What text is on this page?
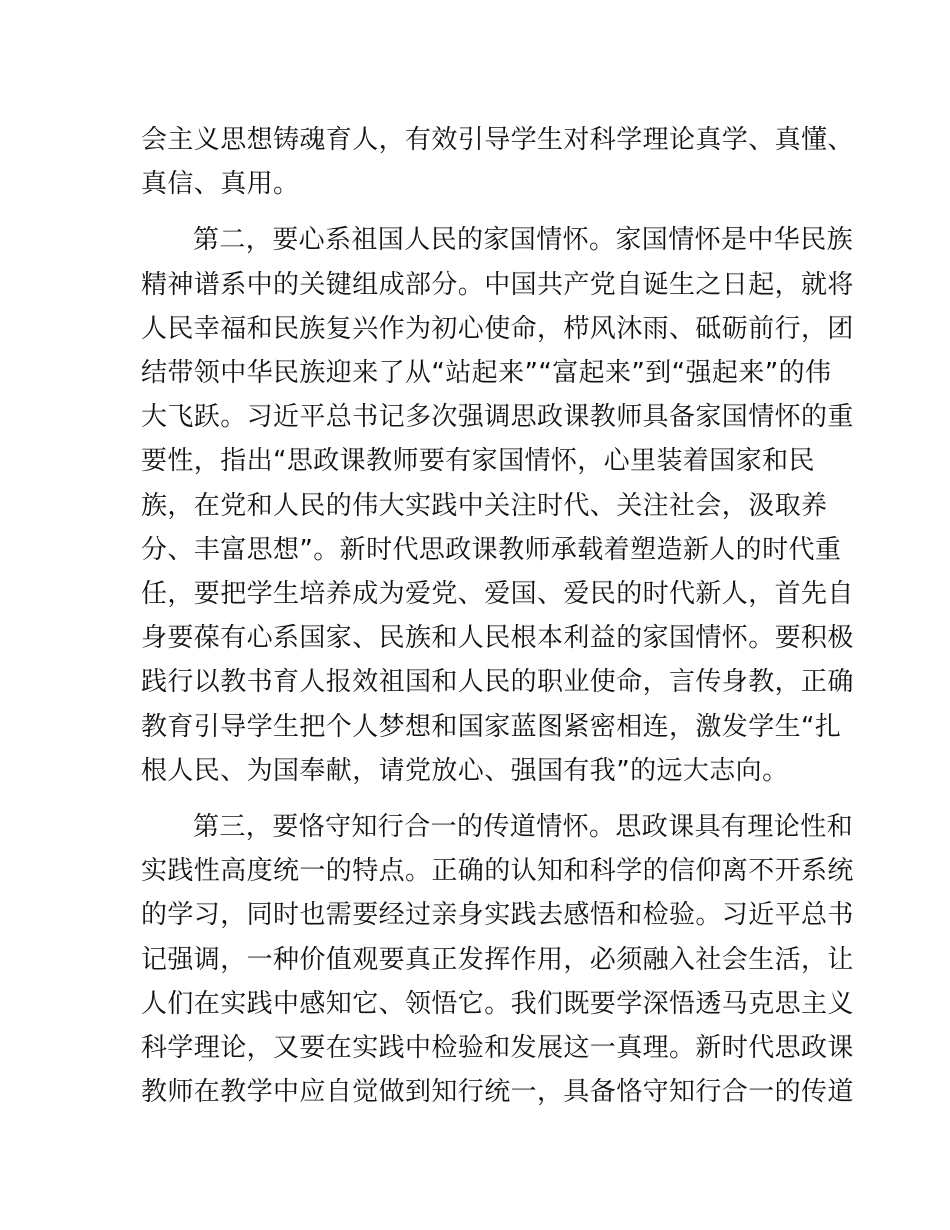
会主义思想铸魂育人，有效引导学生对科学理论真学、真懂、
真信、真用。
第二，要心系祖国人民的家国情怀。家国情怀是中华民族
精神谱系中的关键组成部分。中国共产党自诞生之日起，就将
人民幸福和民族复兴作为初心使命，栉风沐雨、砥砺前行，团
结带领中华民族迎来了从“站起来”“富起来”到“强起来”的伟
大飞跃。习近平总书记多次强调思政课教师具备家国情怀的重
要性，指出“思政课教师要有家国情怀，心里装着国家和民
族，在党和人民的伟大实践中关注时代、关注社会，汲取养
分、丰富思想”。新时代思政课教师承载着塑造新人的时代重
任，要把学生培养成为爱党、爱国、爱民的时代新人，首先自
身要葆有心系国家、民族和人民根本利益的家国情怀。要积极
践行以教书育人报效祖国和人民的职业使命，言传身教，正确
教育引导学生把个人梦想和国家蓝图紧密相连，激发学生“扎
根人民、为国奉献，请党放心、强国有我”的远大志向。
第三，要恪守知行合一的传道情怀。思政课具有理论性和
实践性高度统一的特点。正确的认知和科学的信仰离不开系统
的学习，同时也需要经过亲身实践去感悟和检验。习近平总书
记强调，一种价值观要真正发挥作用，必须融入社会生活，让
人们在实践中感知它、领悟它。我们既要学深悟透马克思主义
科学理论，又要在实践中检验和发展这一真理。新时代思政课
教师在教学中应自觉做到知行统一，具备恪守知行合一的传道
